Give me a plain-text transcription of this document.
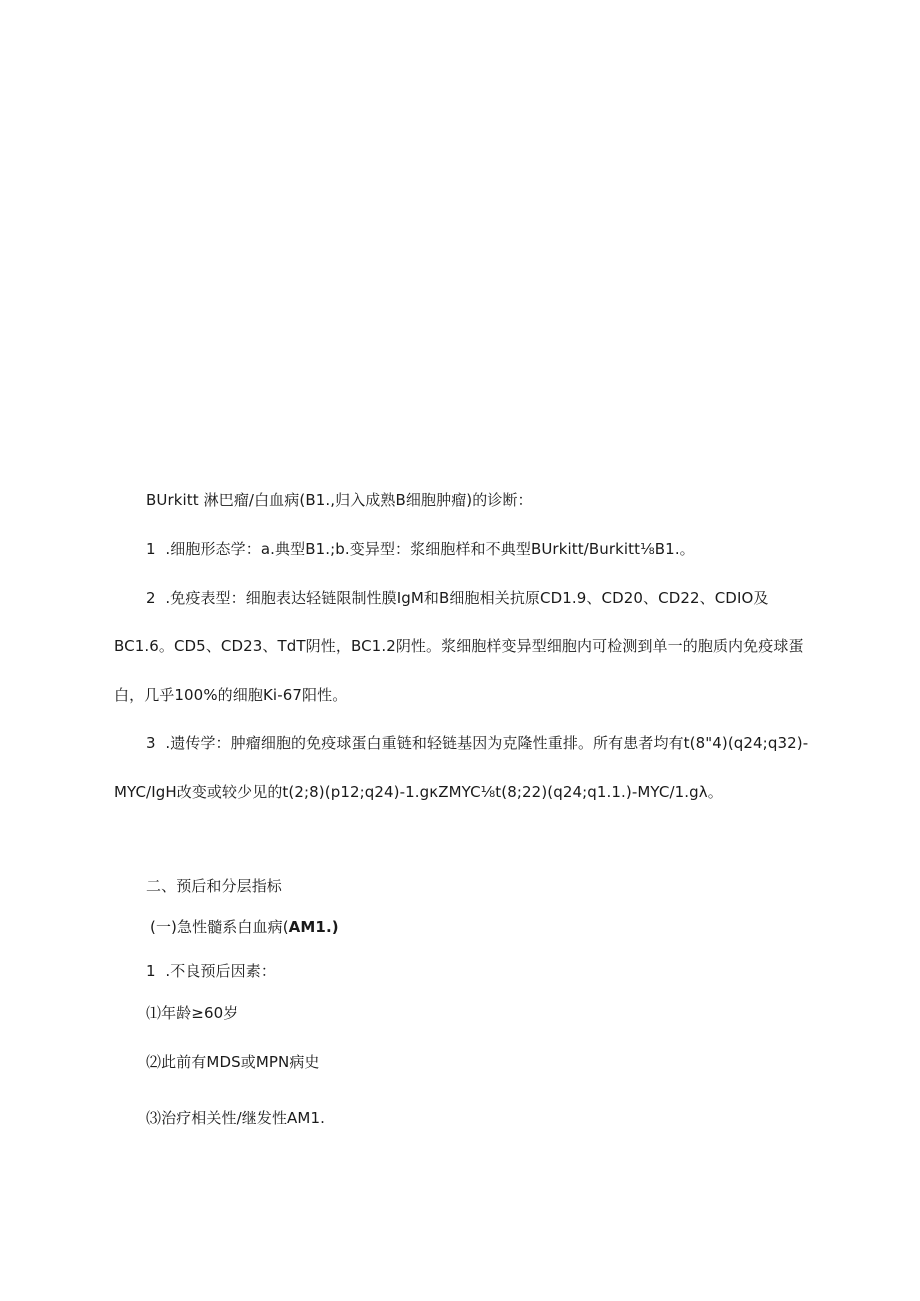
BUrkitt 淋巴瘤/白血病(B1.,归入成熟B细胞肿瘤)的诊断：
1  .细胞形态学：a.典型B1.;b.变异型：浆细胞样和不典型BUrkitt/Burkitt⅛B1.。
2  .免疫表型：细胞表达轻链限制性膜IgM和B细胞相关抗原CD1.9、CD20、CD22、CDIO及
BC1.6。CD5、CD23、TdT阴性，BC1.2阴性。浆细胞样变异型细胞内可检测到单一的胞质内免疫球蛋
白，几乎100%的细胞Ki-67阳性。
3  .遗传学：肿瘤细胞的免疫球蛋白重链和轻链基因为克隆性重排。所有患者均有t(8"4)(q24;q32)-
MYC/IgH改变或较少见的t(2;8)(p12;q24)-1.gκZMYC⅛t(8;22)(q24;q1.1.)-MYC/1.gλ。
二、预后和分层指标
(一)急性髓系白血病(AM1.)
1  .不良预后因素：
⑴年龄≥60岁
⑵此前有MDS或MPN病史
⑶治疗相关性/继发性AM1.
